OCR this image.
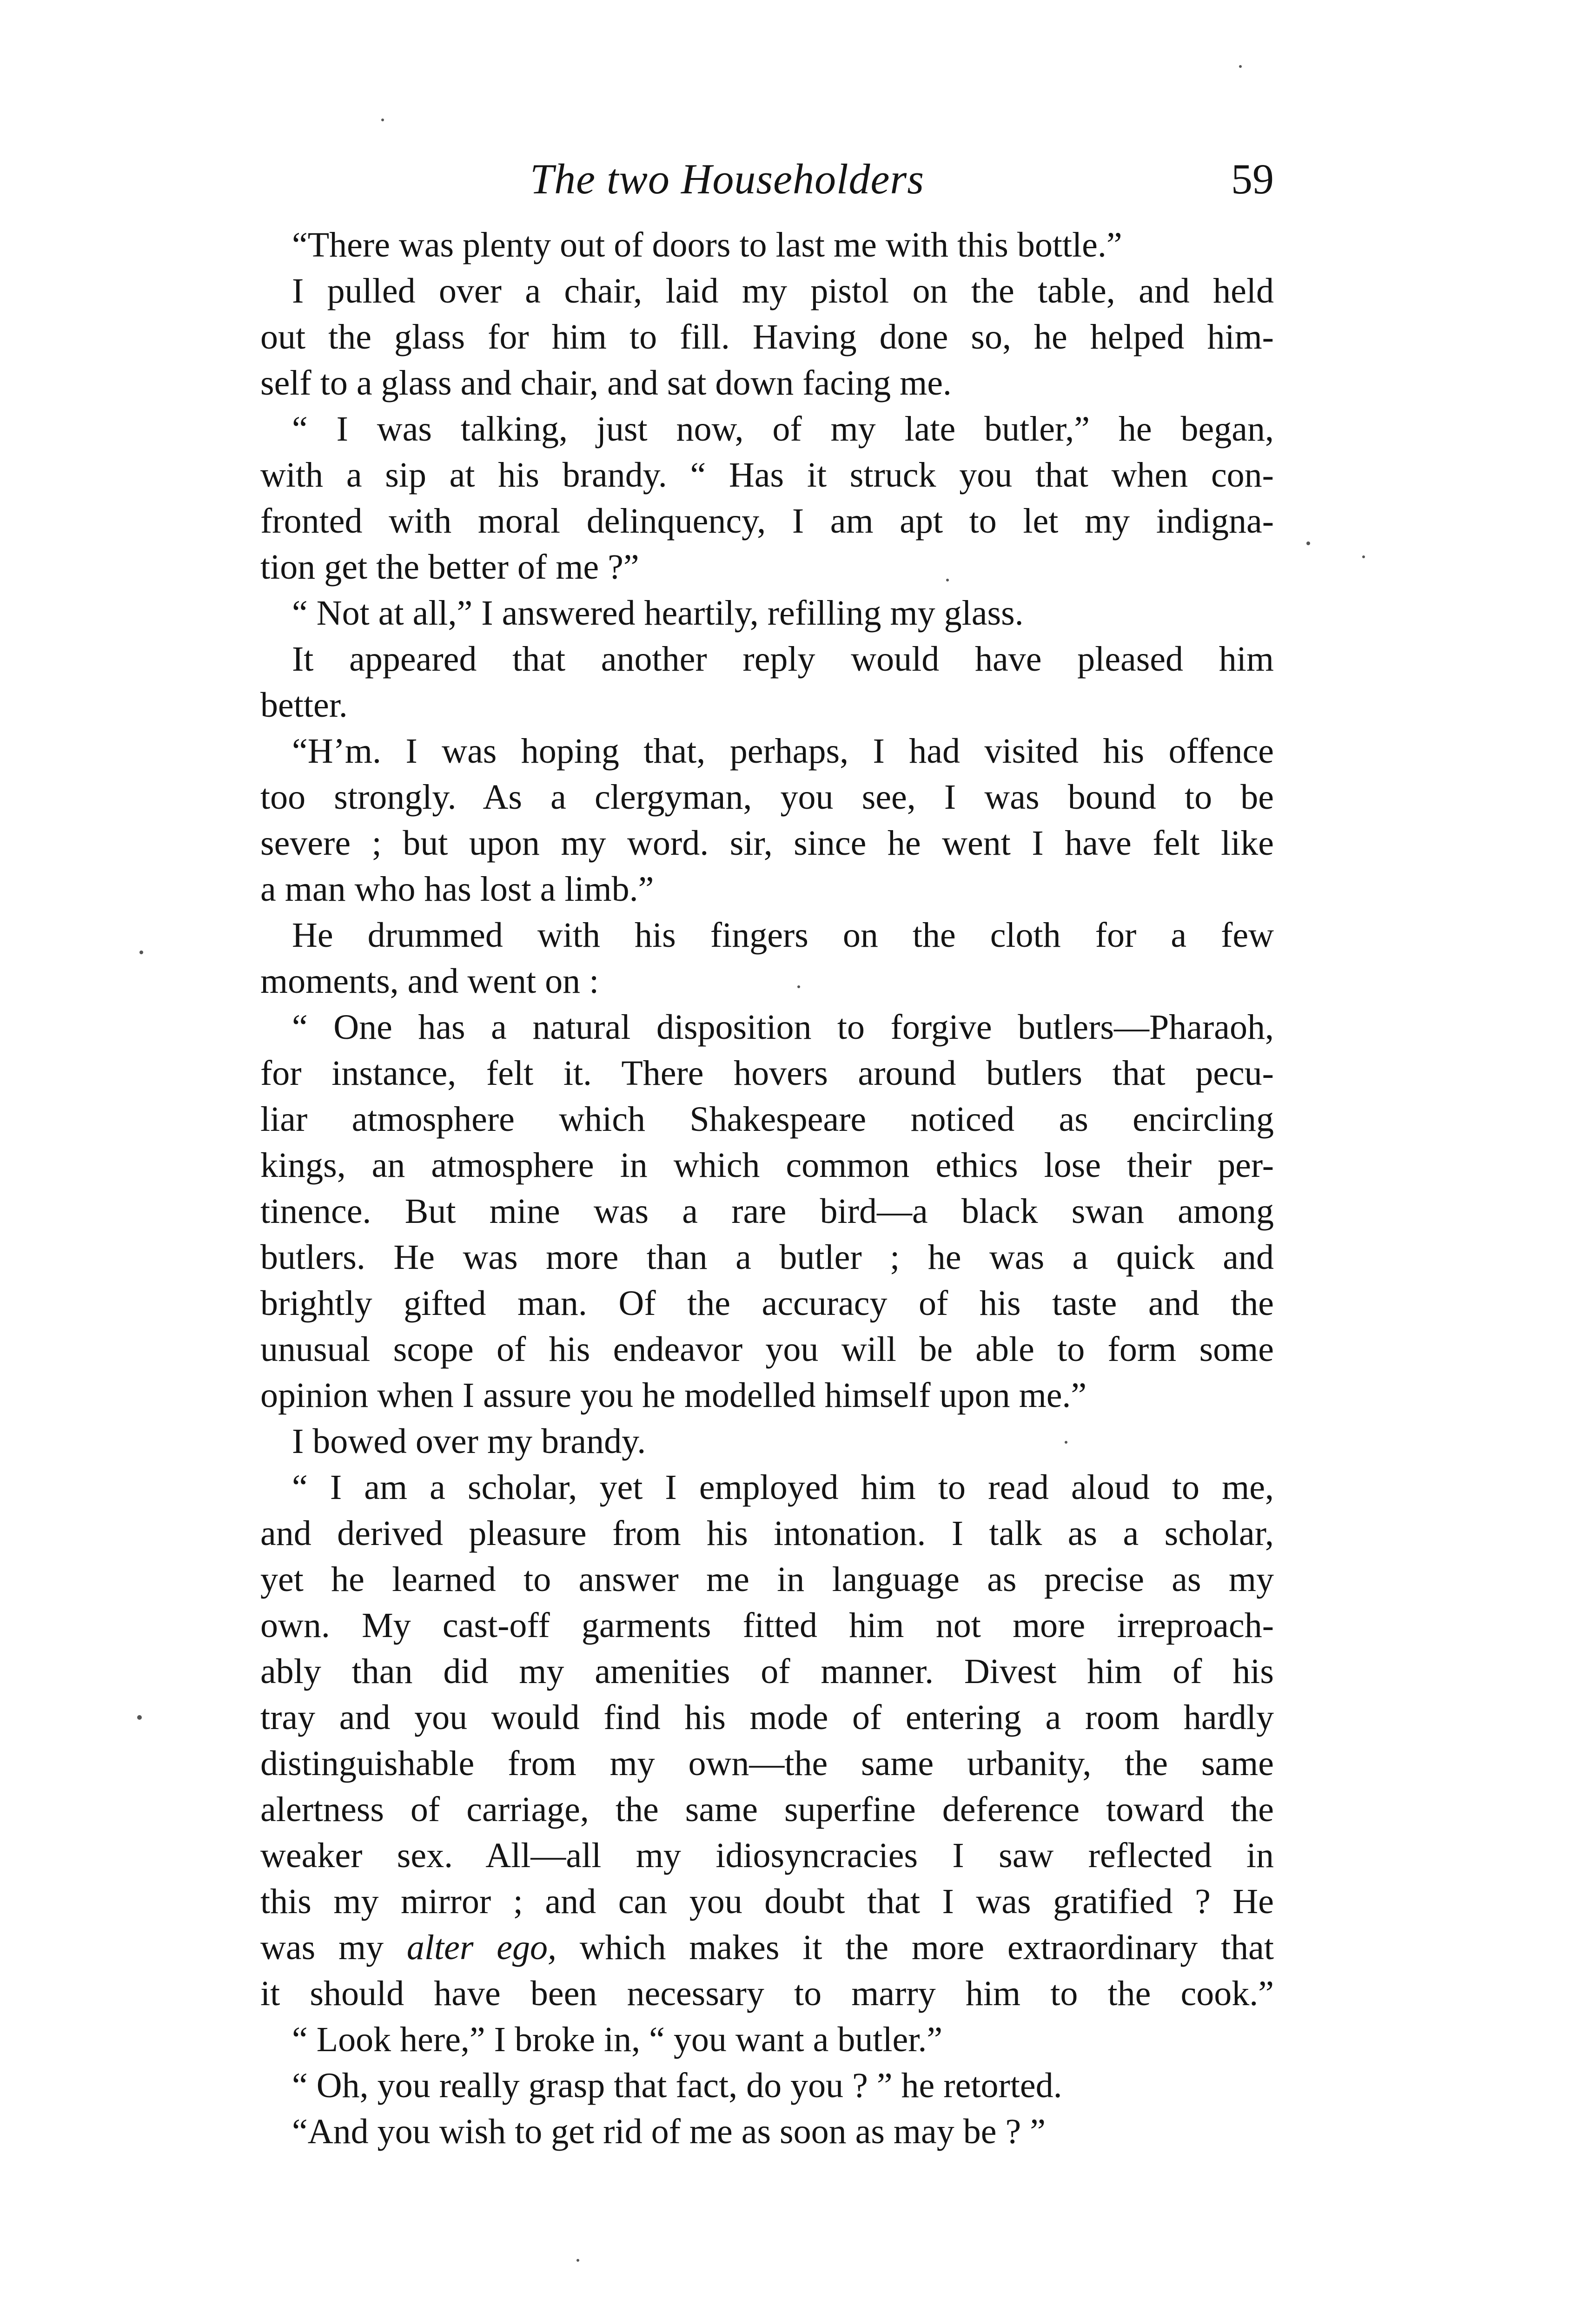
The two Householders	59
“There was plenty out of doors to last me with this bottle.”
I pulled over a chair, laid my pistol on the table, and held
out the glass for him to fill. Having done so, he helped him-
self to a glass and chair, and sat down facing me.
“ I was talking, just now, of my late butler,” he began,
with a sip at his brandy. “ Has it struck you that when con-
fronted with moral delinquency, I am apt to let my indigna-
tion get the better of me ?”
“ Not at all,” I answered heartily, refilling my glass.
It appeared that another reply would have pleased him
better.
“H’m. I was hoping that, perhaps, I had visited his offence
too strongly. As a clergyman, you see, I was bound to be
severe ; but upon my word. sir, since he went I have felt like
a man who has lost a limb.”
He drummed with his fingers on the cloth for a few
moments, and went on :
“ One has a natural disposition to forgive butlers—Pharaoh,
for instance, felt it. There hovers around butlers that pecu-
liar atmosphere which Shakespeare noticed as encircling
kings, an atmosphere in which common ethics lose their per-
tinence. But mine was a rare bird—a black swan among
butlers. He was more than a butler ; he was a quick and
brightly gifted man. Of the accuracy of his taste and the
unusual scope of his endeavor you will be able to form some
opinion when I assure you he modelled himself upon me.”
I bowed over my brandy.
“ I am a scholar, yet I employed him to read aloud to me,
and derived pleasure from his intonation. I talk as a scholar,
yet he learned to answer me in language as precise as my
own. My cast-off garments fitted him not more irreproach-
ably than did my amenities of manner. Divest him of his
tray and you would find his mode of entering a room hardly
distinguishable from my own—the same urbanity, the same
alertness of carriage, the same superfine deference toward the
weaker sex. All—all my idiosyncracies I saw reflected in
this my mirror ; and can you doubt that I was gratified ? He
was my alter ego, which makes it the more extraordinary that
it should have been necessary to marry him to the cook.”
“ Look here,” I broke in, “ you want a butler.”
“ Oh, you really grasp that fact, do you ? ” he retorted.
“And you wish to get rid of me as soon as may be ? ”
